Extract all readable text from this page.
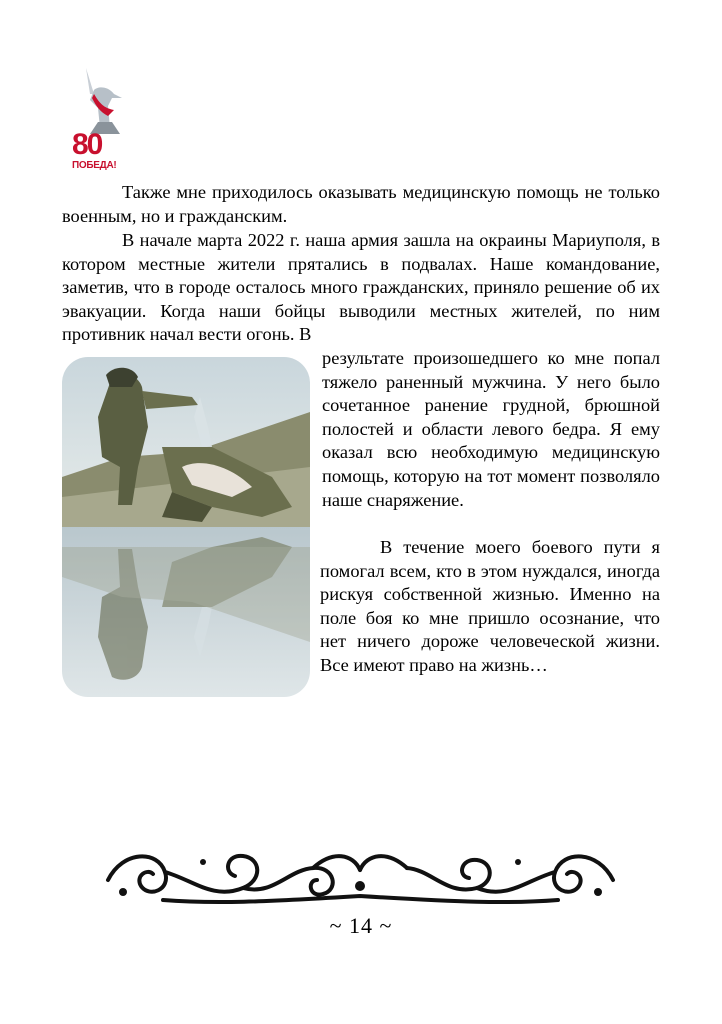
80
ПОБЕДА!
Также мне приходилось оказывать медицинскую помощь не только военным, но и гражданским.
В начале марта 2022 г. наша армия зашла на окраины Мариуполя, в котором местные жители прятались в подвалах. Наше командование, заметив, что в городе осталось много гражданских, приняло решение об их эвакуации. Когда наши бойцы выводили местных жителей, по ним противник начал вести огонь. В
результате произошедшего ко мне попал тяжело раненный мужчина. У него было сочетанное ранение грудной, брюшной полостей и области левого бедра. Я ему оказал всю необходимую медицинскую помощь, которую на тот момент позволяло наше снаряжение.
В течение моего боевого пути я помогал всем, кто в этом нуждался, иногда рискуя собственной жизнью. Именно на поле боя ко мне пришло осознание, что нет ничего дороже человеческой жизни. Все имеют право на жизнь…
~ 14 ~
